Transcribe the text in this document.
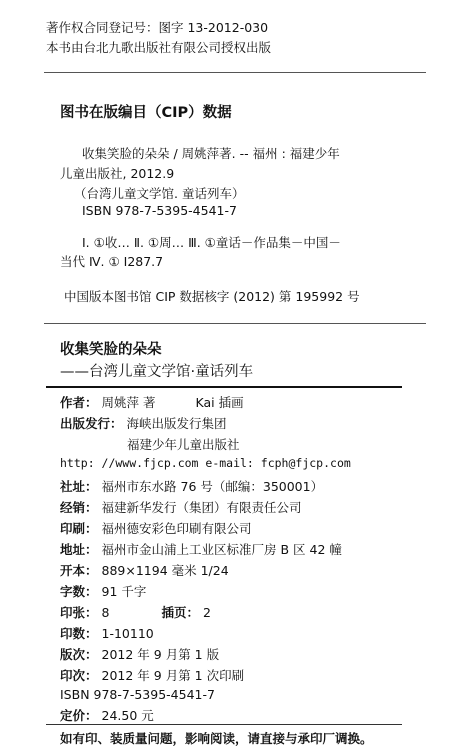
著作权合同登记号：图字 13-2012-030
本书由台北九歌出版社有限公司授权出版
图书在版编目（CIP）数据
收集笑脸的朵朵 / 周姚萍著. -- 福州 : 福建少年
儿童出版社, 2012.9
（台湾儿童文学馆. 童话列车）
ISBN 978-7-5395-4541-7
Ⅰ. ①收… Ⅱ. ①周… Ⅲ. ①童话－作品集－中国－
当代 Ⅳ. ① I287.7
中国版本图书馆 CIP 数据核字 (2012) 第 195992 号
收集笑脸的朵朵
——台湾儿童文学馆·童话列车
作者： 周姚萍 著	Kai 插画
出版发行： 海峡出版发行集团
福建少年儿童出版社
http: //www.fjcp.com e-mail: fcph@fjcp.com
社址： 福州市东水路 76 号（邮编：350001）
经销： 福建新华发行（集团）有限责任公司
印刷： 福州德安彩色印刷有限公司
地址： 福州市金山浦上工业区标准厂房 B 区 42 幢
开本： 889×1194 毫米 1/24
字数： 91 千字
印张： 8	插页： 2
印数： 1-10110
版次： 2012 年 9 月第 1 版
印次： 2012 年 9 月第 1 次印刷
ISBN 978-7-5395-4541-7
定价： 24.50 元
如有印、装质量问题，影响阅读，请直接与承印厂调换。
